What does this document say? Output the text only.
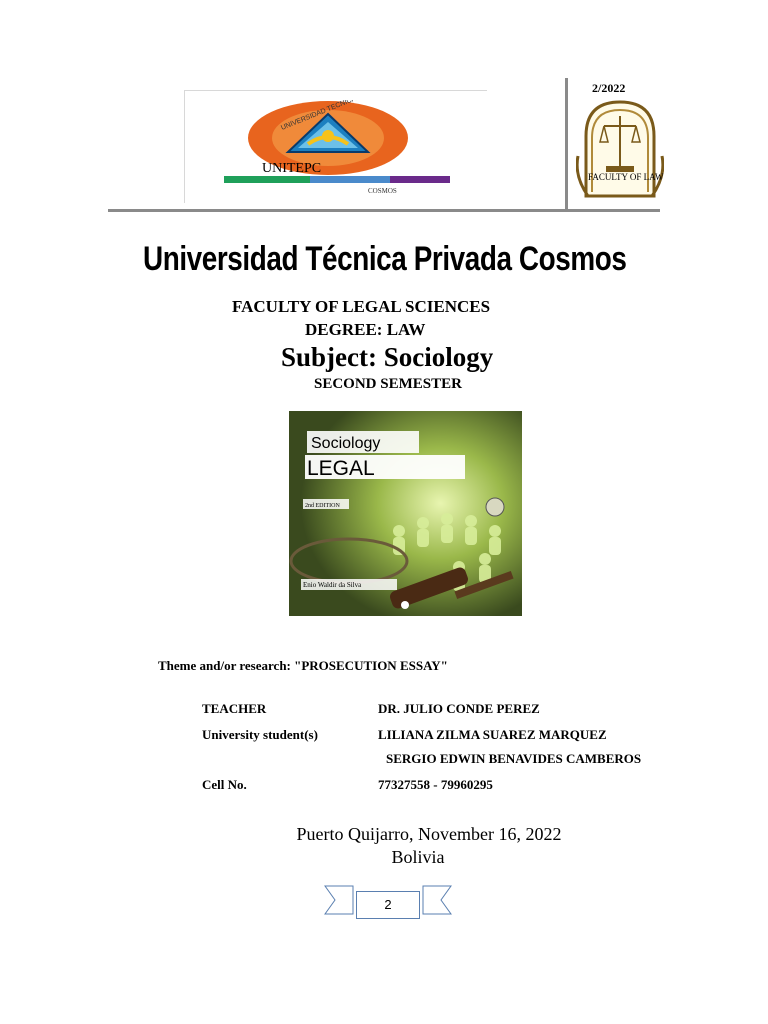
UNITEPC
COSMOS
UNIVERSIDAD TECNICA
2/2022
FACULTY OF LAW
Universidad Técnica Privada Cosmos
FACULTY OF LEGAL SCIENCES
DEGREE: LAW
Subject: Sociology
SECOND SEMESTER
Sociology
LEGAL
2nd EDITION
Enio Waldir da Silva
Theme and/or research: "PROSECUTION ESSAY"
TEACHER	DR. JULIO CONDE PEREZ
University student(s)	LILIANA ZILMA SUAREZ MARQUEZ
SERGIO EDWIN BENAVIDES CAMBEROS
Cell No.	77327558 - 79960295
Puerto Quijarro, November 16, 2022
Bolivia
2
